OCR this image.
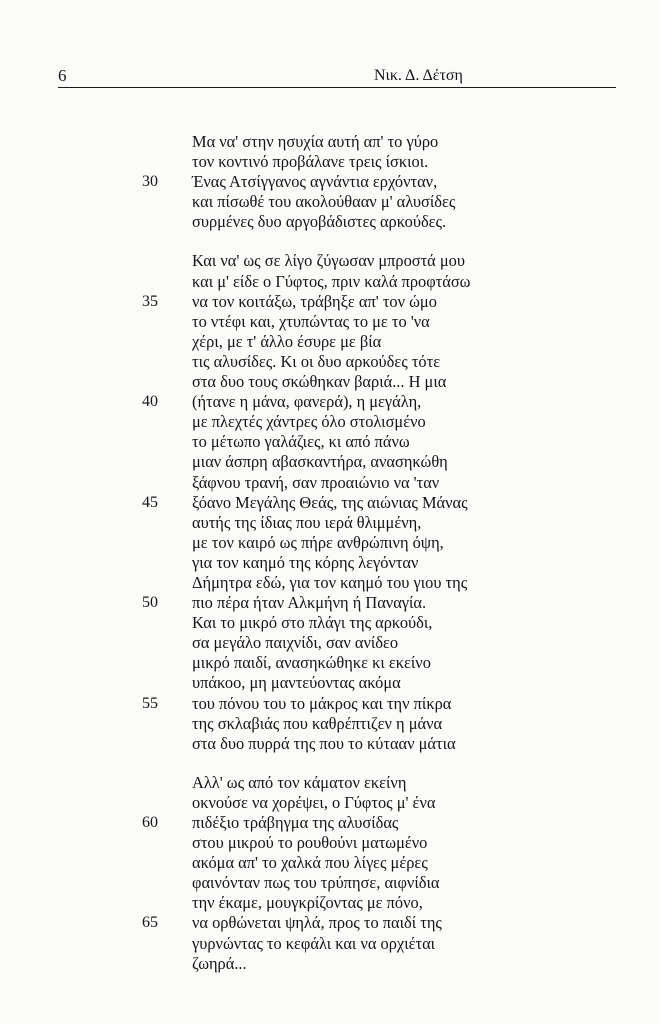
6	Νικ. Δ. Δέτση
Μα να' στην ησυχία αυτή απ' το γύρο
τον κοντινό προβάλανε τρεις ίσκιοι.
30 Ένας Ατσίγγανος αγνάντια ερχόνταν,
και πίσωθέ του ακολούθααν μ' αλυσίδες
συρμένες δυο αργοβάδιστες αρκούδες.
Και να' ως σε λίγο ζύγωσαν μπροστά μου
και μ' είδε ο Γύφτος, πριν καλά προφτάσω
35 να τον κοιτάξω, τράβηξε απ' τον ώμο
το ντέφι και, χτυπώντας το με το 'να
χέρι, με τ' άλλο έσυρε με βία
τις αλυσίδες. Κι οι δυο αρκούδες τότε
στα δυο τους σκώθηκαν βαριά... Η μια
40 (ήτανε η μάνα, φανερά), η μεγάλη,
με πλεχτές χάντρες όλο στολισμένο
το μέτωπο γαλάζιες, κι από πάνω
μιαν άσπρη αβασκαντήρα, ανασηκώθη
ξάφνου τρανή, σαν προαιώνιο να 'ταν
45 ξόανο Μεγάλης Θεάς, της αιώνιας Μάνας
αυτής της ίδιας που ιερά θλιμμένη,
με τον καιρό ως πήρε ανθρώπινη όψη,
για τον καημό της κόρης λεγόνταν
Δήμητρα εδώ, για τον καημό του γιου της
50 πιο πέρα ήταν Αλκμήνη ή Παναγία.
Και το μικρό στο πλάγι της αρκούδι,
σα μεγάλο παιχνίδι, σαν ανίδεο
μικρό παιδί, ανασηκώθηκε κι εκείνο
υπάκοο, μη μαντεύοντας ακόμα
55 του πόνου του το μάκρος και την πίκρα
της σκλαβιάς που καθρέπτιζεν η μάνα
στα δυο πυρρά της που το κύτααν μάτια
Αλλ' ως από τον κάματον εκείνη
οκνούσε να χορέψει, ο Γύφτος μ' ένα
60 πιδέξιο τράβηγμα της αλυσίδας
στου μικρού το ρουθούνι ματωμένο
ακόμα απ' το χαλκά που λίγες μέρες
φαινόνταν πως του τρύπησε, αιφνίδια
την έκαμε, μουγκρίζοντας με πόνο,
65 να ορθώνεται ψηλά, προς το παιδί της
γυρνώντας το κεφάλι και να ορχιέται
ζωηρά...
